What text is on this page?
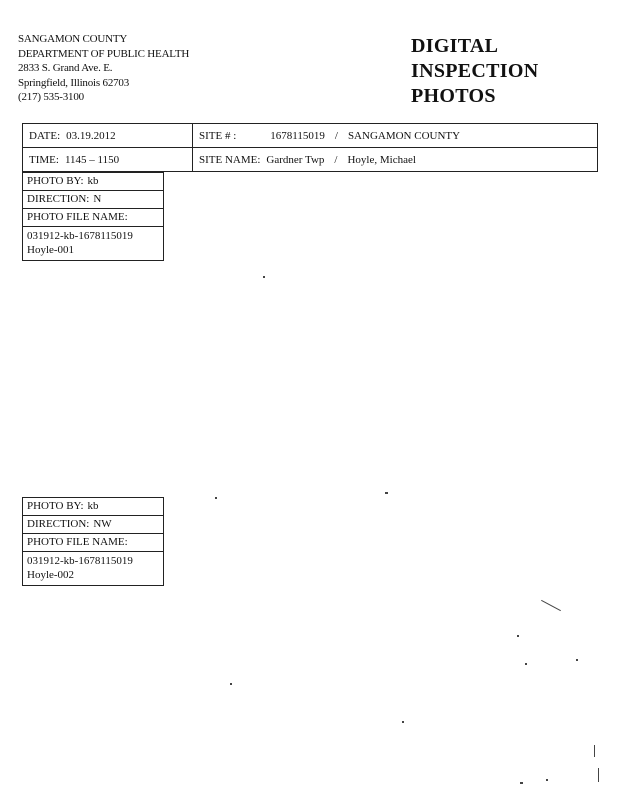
SANGAMON COUNTY
DEPARTMENT OF PUBLIC HEALTH
2833 S. Grand Ave. E.
Springfield, Illinois 62703
(217) 535-3100
DIGITAL
INSPECTION
PHOTOS
DATE: 03.19.2012	SITE # : 1678115019 / SANGAMON COUNTY
TIME: 1145 – 1150	SITE NAME: Gardner Twp / Hoyle, Michael
PHOTO BY: kb
DIRECTION: N
PHOTO FILE NAME:
031912-kb-1678115019
Hoyle-001
PHOTO BY: kb
DIRECTION: NW
PHOTO FILE NAME:
031912-kb-1678115019
Hoyle-002
